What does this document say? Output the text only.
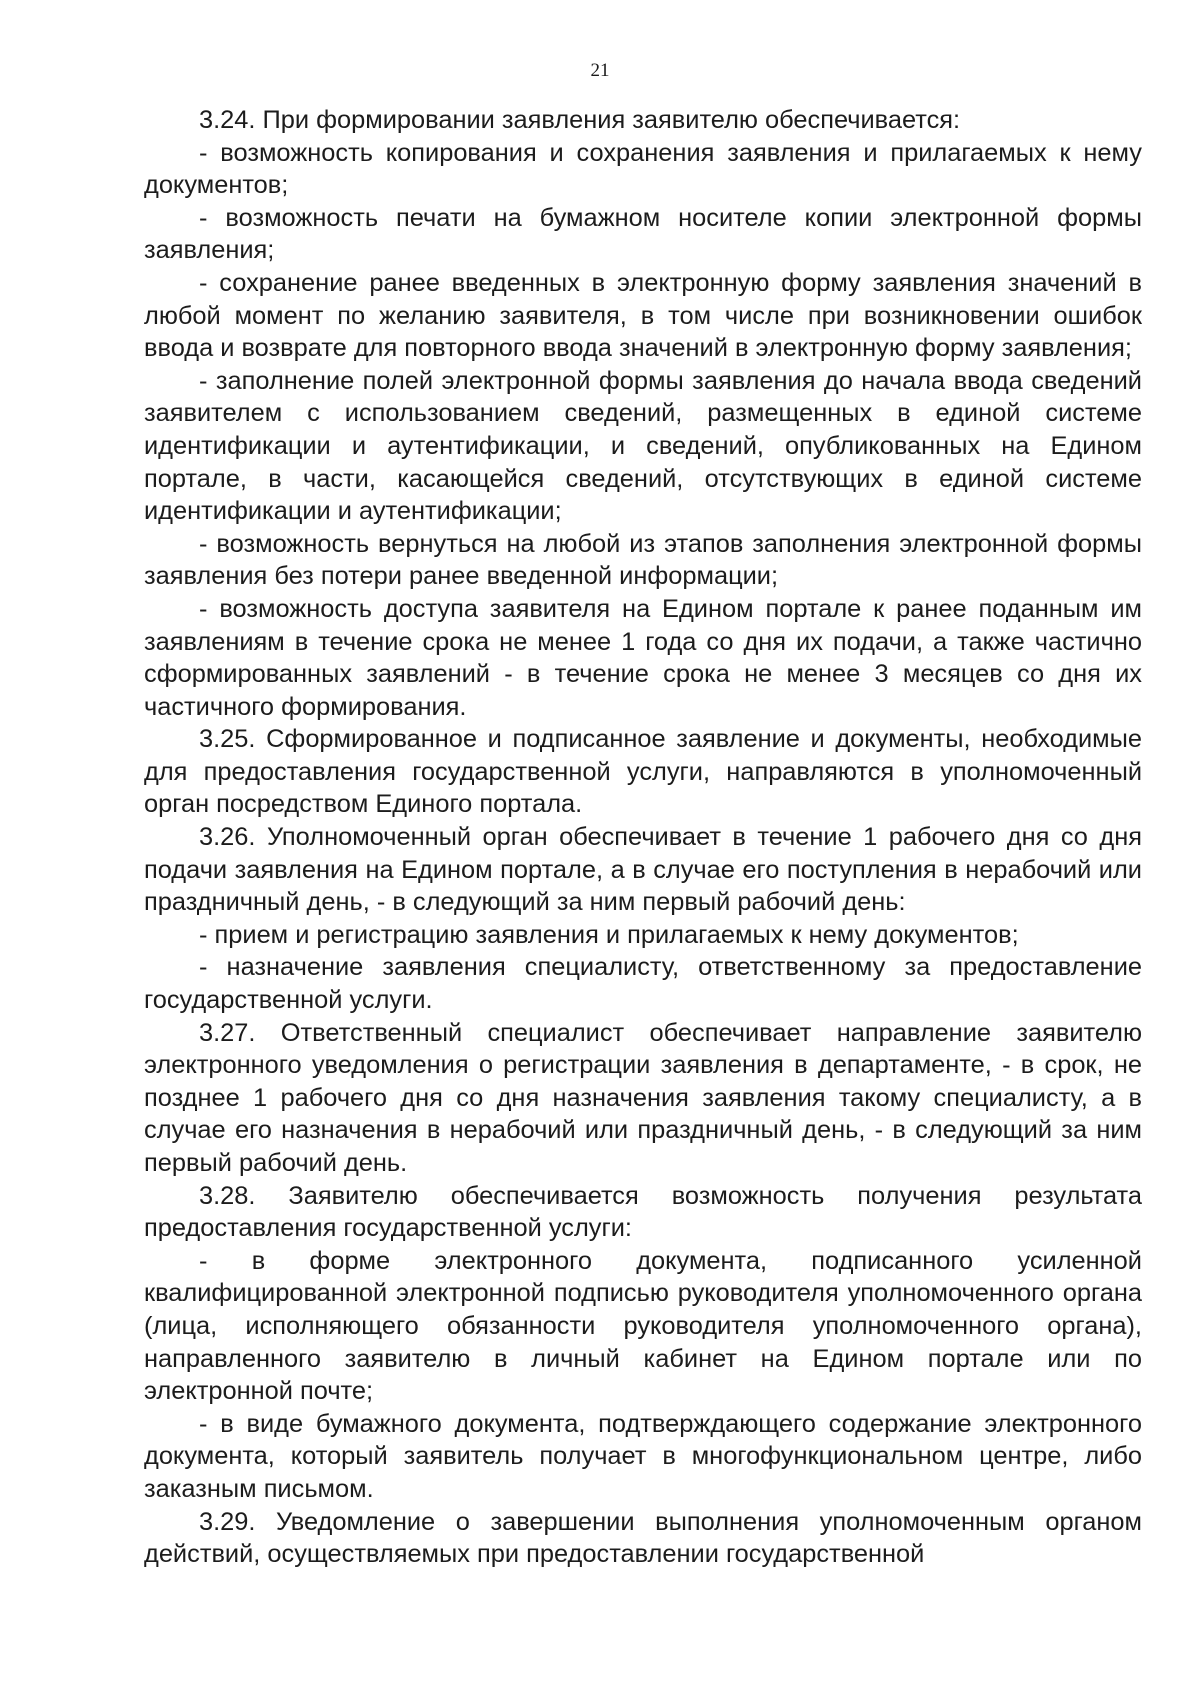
21

3.24. При формировании заявления заявителю обеспечивается:

- возможность копирования и сохранения заявления и прилагаемых к нему документов;

- возможность печати на бумажном носителе копии электронной формы заявления;

- сохранение ранее введенных в электронную форму заявления значений в любой момент по желанию заявителя, в том числе при возникновении ошибок ввода и возврате для повторного ввода значений в электронную форму заявления;

- заполнение полей электронной формы заявления до начала ввода сведений заявителем с использованием сведений, размещенных в единой системе идентификации и аутентификации, и сведений, опубликованных на Едином портале, в части, касающейся сведений, отсутствующих в единой системе идентификации и аутентификации;

- возможность вернуться на любой из этапов заполнения электронной формы заявления без потери ранее введенной информации;

- возможность доступа заявителя на Едином портале к ранее поданным им заявлениям в течение срока не менее 1 года со дня их подачи, а также частично сформированных заявлений - в течение срока не менее 3 месяцев со дня их частичного формирования.

3.25. Сформированное и подписанное заявление и документы, необходимые для предоставления государственной услуги, направляются в уполномоченный орган посредством Единого портала.

3.26. Уполномоченный орган обеспечивает в течение 1 рабочего дня со дня подачи заявления на Едином портале, а в случае его поступления в нерабочий или праздничный день, - в следующий за ним первый рабочий день:

- прием и регистрацию заявления и прилагаемых к нему документов;

- назначение заявления специалисту, ответственному за предоставление государственной услуги.

3.27. Ответственный специалист обеспечивает направление заявителю электронного уведомления о регистрации заявления в департаменте, - в срок, не позднее 1 рабочего дня со дня назначения заявления такому специалисту, а в случае его назначения в нерабочий или праздничный день, - в следующий за ним первый рабочий день.

3.28. Заявителю обеспечивается возможность получения результата предоставления государственной услуги:

- в форме электронного документа, подписанного усиленной квалифицированной электронной подписью руководителя уполномоченного органа (лица, исполняющего обязанности руководителя уполномоченного органа), направленного заявителю в личный кабинет на Едином портале или по электронной почте;

- в виде бумажного документа, подтверждающего содержание электронного документа, который заявитель получает в многофункциональном центре, либо заказным письмом.

3.29. Уведомление о завершении выполнения уполномоченным органом действий, осуществляемых при предоставлении государственной
